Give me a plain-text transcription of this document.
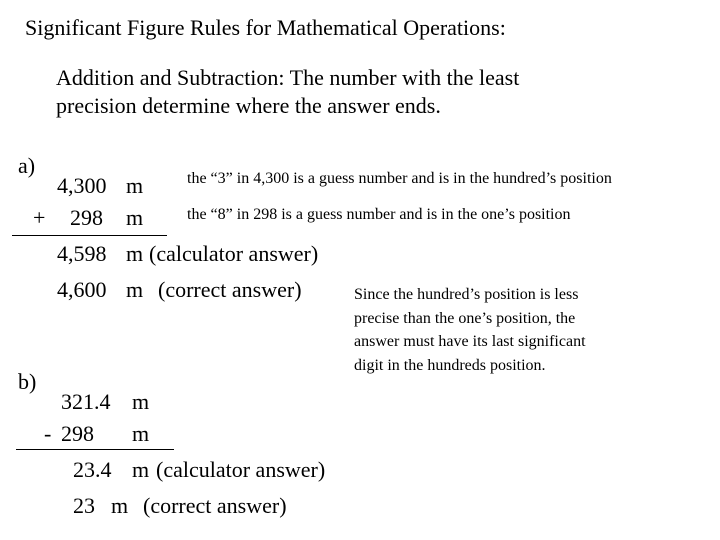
Significant Figure Rules for Mathematical Operations:
Addition and Subtraction: The number with the least
precision determine where the answer ends.
a)
4,300 m	the “3” in 4,300 is a guess number and is in the hundred’s position
+ 298 m	the “8” in 298 is a guess number and is in the one’s position
4,598 m (calculator answer)
4,600 m (correct answer)	Since the hundred’s position is less
precise than the one’s position, the
answer must have its last significant
digit in the hundreds position.
b)
321.4 m
- 298 m
23.4 m (calculator answer)
23 m (correct answer)
